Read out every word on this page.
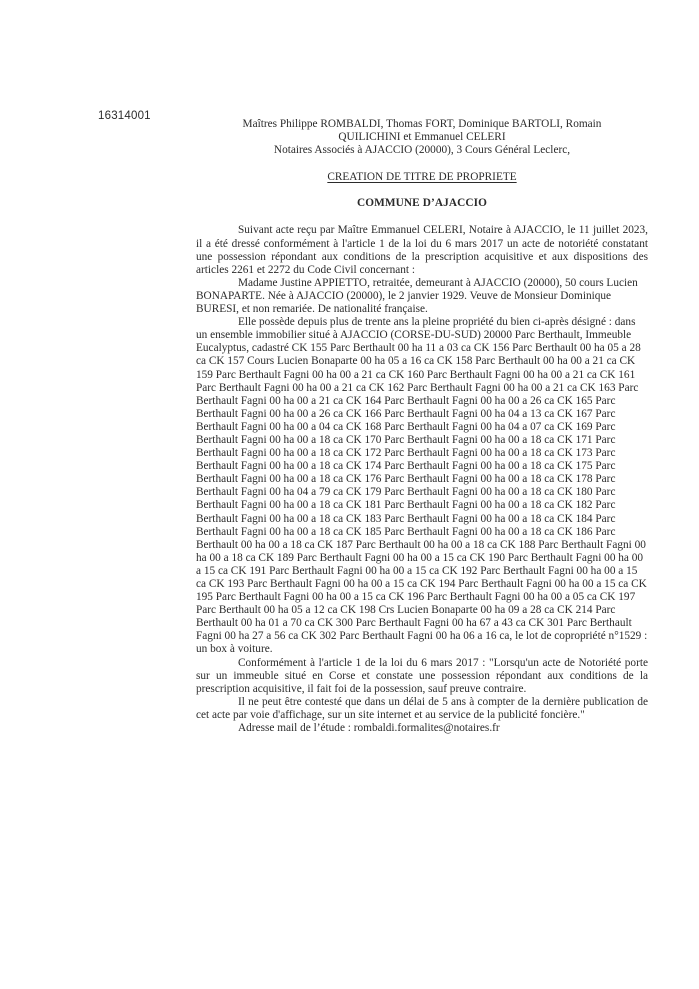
16314001
Maîtres Philippe ROMBALDI, Thomas FORT, Dominique BARTOLI, Romain
QUILICHINI et Emmanuel CELERI
Notaires Associés à AJACCIO (20000), 3 Cours Général Leclerc,
CREATION DE TITRE DE PROPRIETE
COMMUNE D’AJACCIO

Suivant acte reçu par Maître Emmanuel CELERI, Notaire à AJACCIO, le 11 juillet 2023, il a été dressé conformément à l'article 1 de la loi du 6 mars 2017 un acte de notoriété constatant une possession répondant aux conditions de la prescription acquisitive et aux dispositions des articles 2261 et 2272 du Code Civil concernant :

Madame Justine APPIETTO, retraitée, demeurant à AJACCIO (20000), 50 cours Lucien BONAPARTE. Née à AJACCIO (20000), le 2 janvier 1929. Veuve de Monsieur Dominique BURESI, et non remariée. De nationalité française.

Elle possède depuis plus de trente ans la pleine propriété du bien ci-après désigné : dans un ensemble immobilier situé à AJACCIO (CORSE-DU-SUD) 20000 Parc Berthault, Immeuble Eucalyptus, cadastré CK 155 Parc Berthault 00 ha 11 a 03 ca CK 156 Parc Berthault 00 ha 05 a 28 ca CK 157 Cours Lucien Bonaparte 00 ha 05 a 16 ca CK 158 Parc Berthault 00 ha 00 a 21 ca CK 159 Parc Berthault Fagni 00 ha 00 a 21 ca CK 160 Parc Berthault Fagni 00 ha 00 a 21 ca CK 161 Parc Berthault Fagni 00 ha 00 a 21 ca CK 162 Parc Berthault Fagni 00 ha 00 a 21 ca CK 163 Parc Berthault Fagni 00 ha 00 a 21 ca CK 164 Parc Berthault Fagni 00 ha 00 a 26 ca CK 165 Parc Berthault Fagni 00 ha 00 a 26 ca CK 166 Parc Berthault Fagni 00 ha 04 a 13 ca CK 167 Parc Berthault Fagni 00 ha 00 a 04 ca CK 168 Parc Berthault Fagni 00 ha 04 a 07 ca CK 169 Parc Berthault Fagni 00 ha 00 a 18 ca CK 170 Parc Berthault Fagni 00 ha 00 a 18 ca CK 171 Parc Berthault Fagni 00 ha 00 a 18 ca CK 172 Parc Berthault Fagni 00 ha 00 a 18 ca CK 173 Parc Berthault Fagni 00 ha 00 a 18 ca CK 174 Parc Berthault Fagni 00 ha 00 a 18 ca CK 175 Parc Berthault Fagni 00 ha 00 a 18 ca CK 176 Parc Berthault Fagni 00 ha 00 a 18 ca CK 178 Parc Berthault Fagni 00 ha 04 a 79 ca CK 179 Parc Berthault Fagni 00 ha 00 a 18 ca CK 180 Parc Berthault Fagni 00 ha 00 a 18 ca CK 181 Parc Berthault Fagni 00 ha 00 a 18 ca CK 182 Parc Berthault Fagni 00 ha 00 a 18 ca CK 183 Parc Berthault Fagni 00 ha 00 a 18 ca CK 184 Parc Berthault Fagni 00 ha 00 a 18 ca CK 185 Parc Berthault Fagni 00 ha 00 a 18 ca CK 186 Parc Berthault 00 ha 00 a 18 ca CK 187 Parc Berthault 00 ha 00 a 18 ca CK 188 Parc Berthault Fagni 00 ha 00 a 18 ca CK 189 Parc Berthault Fagni 00 ha 00 a 15 ca CK 190 Parc Berthault Fagni 00 ha 00 a 15 ca CK 191 Parc Berthault Fagni 00 ha 00 a 15 ca CK 192 Parc Berthault Fagni 00 ha 00 a 15 ca CK 193 Parc Berthault Fagni 00 ha 00 a 15 ca CK 194 Parc Berthault Fagni 00 ha 00 a 15 ca CK 195 Parc Berthault Fagni 00 ha 00 a 15 ca CK 196 Parc Berthault Fagni 00 ha 00 a 05 ca CK 197 Parc Berthault 00 ha 05 a 12 ca CK 198 Crs Lucien Bonaparte 00 ha 09 a 28 ca CK 214 Parc Berthault 00 ha 01 a 70 ca CK 300 Parc Berthault Fagni 00 ha 67 a 43 ca CK 301 Parc Berthault Fagni 00 ha 27 a 56 ca CK 302 Parc Berthault Fagni 00 ha 06 a 16 ca, le lot de copropriété n°1529 : un box à voiture.

Conformément à l'article 1 de la loi du 6 mars 2017 : "Lorsqu'un acte de Notoriété porte sur un immeuble situé en Corse et constate une possession répondant aux conditions de la prescription acquisitive, il fait foi de la possession, sauf preuve contraire.

Il ne peut être contesté que dans un délai de 5 ans à compter de la dernière publication de cet acte par voie d'affichage, sur un site internet et au service de la publicité foncière."

Adresse mail de l’étude : rombaldi.formalites@notaires.fr
